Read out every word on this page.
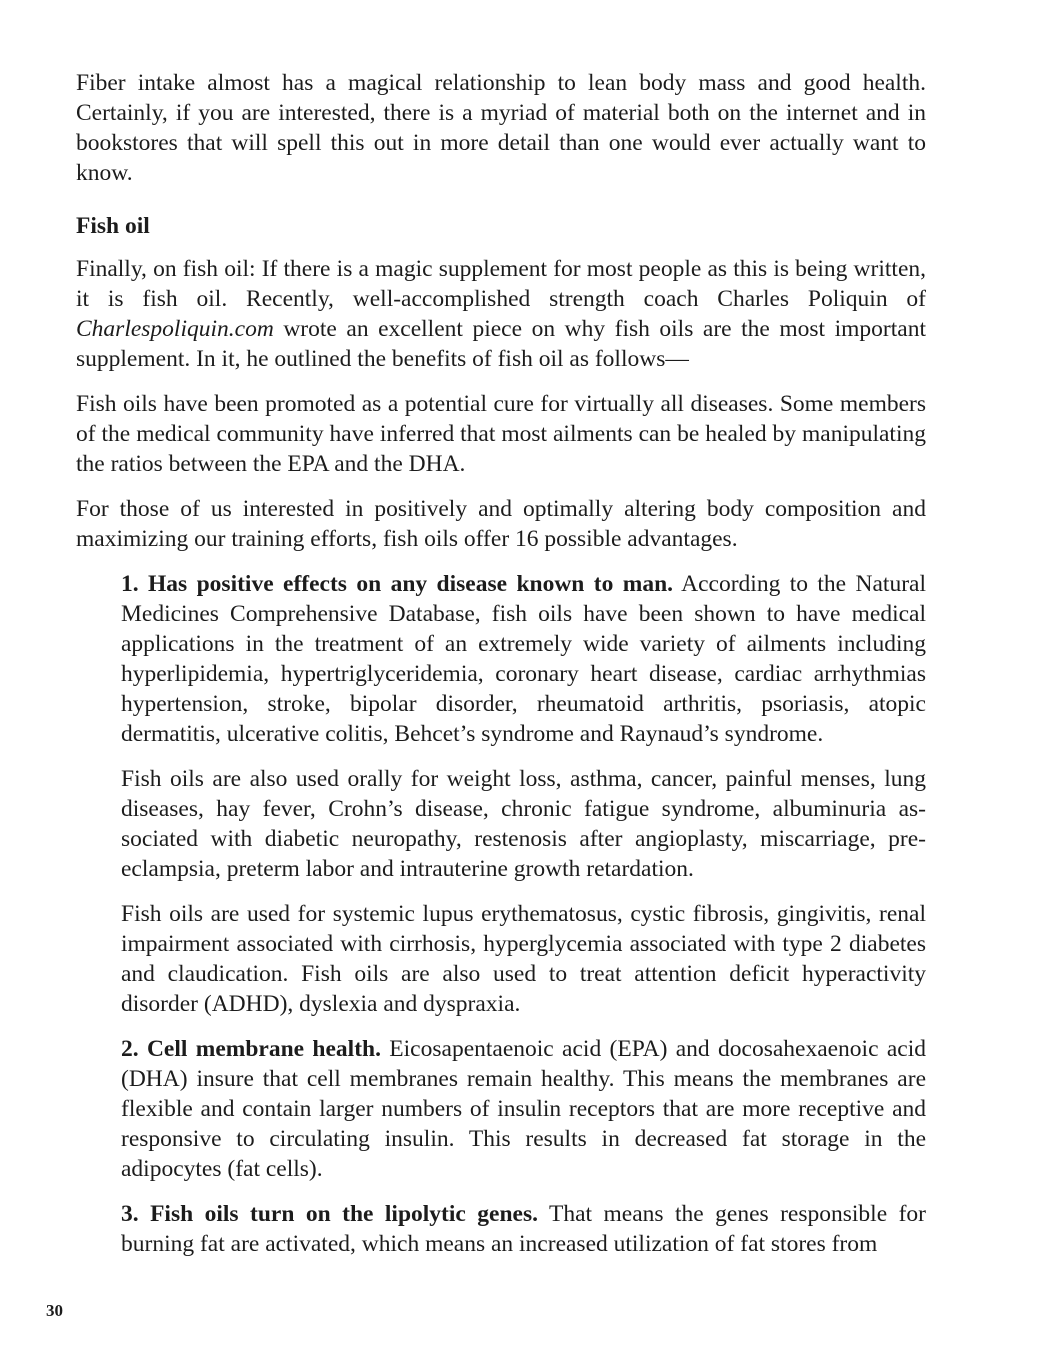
Fiber intake almost has a magical relationship to lean body mass and good health. Certainly, if you are interested, there is a myriad of material both on the internet and in bookstores that will spell this out in more detail than one would ever actually want to know.

Fish oil

Finally, on fish oil: If there is a magic supplement for most people as this is being written, it is fish oil. Recently, well-accomplished strength coach Charles Poliquin of Charlespoliquin.com wrote an excellent piece on why fish oils are the most important supplement. In it, he outlined the benefits of fish oil as follows—

Fish oils have been promoted as a potential cure for virtually all diseases. Some members of the medical community have inferred that most ailments can be healed by manipulating the ratios between the EPA and the DHA.

For those of us interested in positively and optimally altering body composition and maximizing our training efforts, fish oils offer 16 possible advantages.

1. Has positive effects on any disease known to man. According to the Natural Medicines Comprehensive Database, fish oils have been shown to have medical applications in the treatment of an extremely wide variety of ailments including hyperlipidemia, hypertriglyceridemia, coronary heart disease, cardiac arrhythmias hypertension, stroke, bipolar disorder, rheumatoid arthritis, psoriasis, atopic dermatitis, ulcerative colitis, Behcet’s syndrome and Raynaud’s syndrome.

Fish oils are also used orally for weight loss, asthma, cancer, painful menses, lung diseases, hay fever, Crohn’s disease, chronic fatigue syndrome, albuminuria associated with diabetic neuropathy, restenosis after angioplasty, miscarriage, preeclampsia, preterm labor and intrauterine growth retardation.

Fish oils are used for systemic lupus erythematosus, cystic fibrosis, gingivitis, renal impairment associated with cirrhosis, hyperglycemia associated with type 2 diabetes and claudication. Fish oils are also used to treat attention deficit hyperactivity disorder (ADHD), dyslexia and dyspraxia.

2. Cell membrane health. Eicosapentaenoic acid (EPA) and docosahexaenoic acid (DHA) insure that cell membranes remain healthy. This means the membranes are flexible and contain larger numbers of insulin receptors that are more receptive and responsive to circulating insulin. This results in decreased fat storage in the adipocytes (fat cells).

3. Fish oils turn on the lipolytic genes. That means the genes responsible for burning fat are activated, which means an increased utilization of fat stores from

30
